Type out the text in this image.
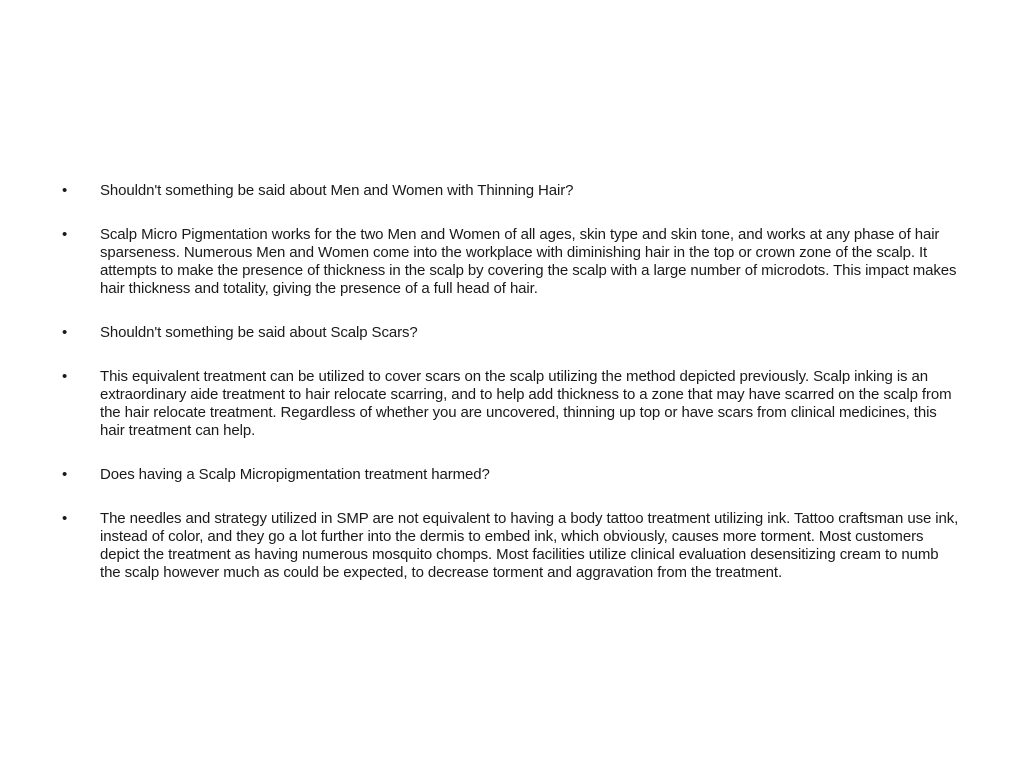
•	Shouldn't something be said about Men and Women with Thinning Hair?
•	Scalp Micro Pigmentation works for the two Men and Women of all ages, skin type and skin tone, and works at any phase of hair sparseness. Numerous Men and Women come into the workplace with diminishing hair in the top or crown zone of the scalp. It attempts to make the presence of thickness in the scalp by covering the scalp with a large number of microdots. This impact makes hair thickness and totality, giving the presence of a full head of hair.
•	Shouldn't something be said about Scalp Scars?
•	This equivalent treatment can be utilized to cover scars on the scalp utilizing the method depicted previously. Scalp inking is an extraordinary aide treatment to hair relocate scarring, and to help add thickness to a zone that may have scarred on the scalp from the hair relocate treatment. Regardless of whether you are uncovered, thinning up top or have scars from clinical medicines, this hair treatment can help.
•	Does having a Scalp Micropigmentation treatment harmed?
•	The needles and strategy utilized in SMP are not equivalent to having a body tattoo treatment utilizing ink. Tattoo craftsman use ink, instead of color, and they go a lot further into the dermis to embed ink, which obviously, causes more torment. Most customers depict the treatment as having numerous mosquito chomps. Most facilities utilize clinical evaluation desensitizing cream to numb the scalp however much as could be expected, to decrease torment and aggravation from the treatment.
